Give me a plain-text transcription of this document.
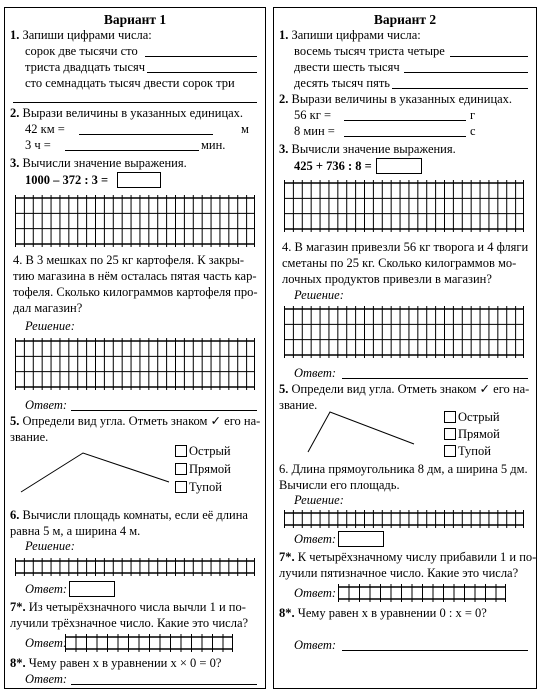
Вариант 1
1. Запиши цифрами числа:
сорок две тысячи сто
триста двадцать тысяч
сто семнадцать тысяч двести сорок три
2. Вырази величины в указанных единицах.
42 км =	м
3 ч =	мин.
3. Вычисли значение выражения.
1000 – 372 : 3 =
4. В 3 мешках по 25 кг картофеля. К закры-
тию магазина в нём осталась пятая часть кар-
тофеля. Сколько килограммов картофеля про-
дал магазин?
Решение:
Ответ:
5. Определи вид угла. Отметь знаком ✓ его на-
звание.
Острый
Прямой
Тупой
6. Вычисли площадь комнаты, если её длина
равна 5 м, а ширина 4 м.
Решение:
Ответ:
7*. Из четырёхзначного числа вычли 1 и по-
лучили трёхзначное число. Какие это числа?
Ответ:
8*. Чему равен х в уравнении х × 0 = 0?
Ответ:
Вариант 2
1. Запиши цифрами числа:
восемь тысяч триста четыре
двести шесть тысяч
десять тысяч пять
2. Вырази величины в указанных единицах.
56 кг =	г
8 мин =	с
3. Вычисли значение выражения.
425 + 736 : 8 =
4. В магазин привезли 56 кг творога и 4 фляги
сметаны по 25 кг. Сколько килограммов мо-
лочных продуктов привезли в магазин?
Решение:
Ответ:
5. Определи вид угла. Отметь знаком ✓ его на-
звание.
Острый
Прямой
Тупой
6. Длина прямоугольника 8 дм, а ширина 5 дм.
Вычисли его площадь.
Решение:
Ответ:
7*. К четырёхзначному числу прибавили 1 и по-
лучили пятизначное число. Какие это числа?
Ответ:
8*. Чему равен х в уравнении 0 : х = 0?
Ответ:
